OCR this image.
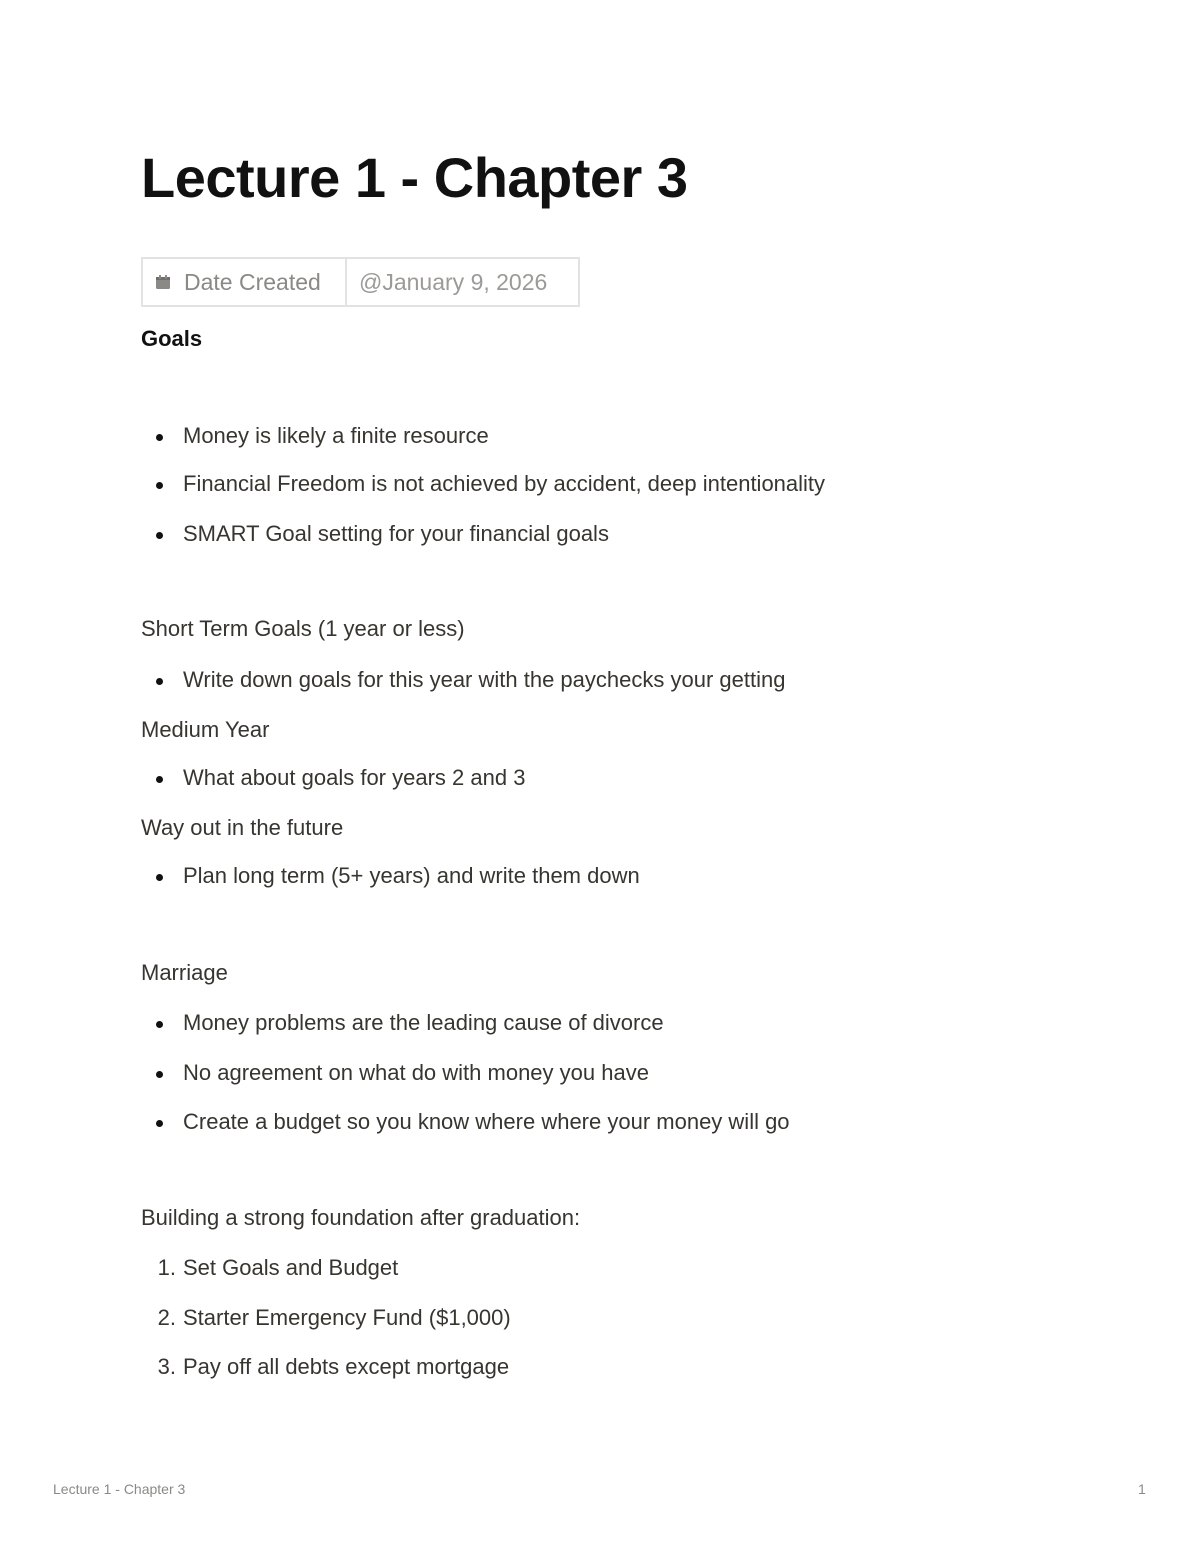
Lecture 1 - Chapter 3
Date Created	@January 9, 2026

Goals

Money is likely a finite resource

Financial Freedom is not achieved by accident, deep intentionality

SMART Goal setting for your financial goals

Short Term Goals (1 year or less)

Write down goals for this year with the paychecks your getting

Medium Year

What about goals for years 2 and 3

Way out in the future

Plan long term (5+ years) and write them down

Marriage

Money problems are the leading cause of divorce

No agreement on what do with money you have

Create a budget so you know where where your money will go

Building a strong foundation after graduation:

1. Set Goals and Budget

2. Starter Emergency Fund ($1,000)

3. Pay off all debts except mortgage

Lecture 1 - Chapter 3	1
